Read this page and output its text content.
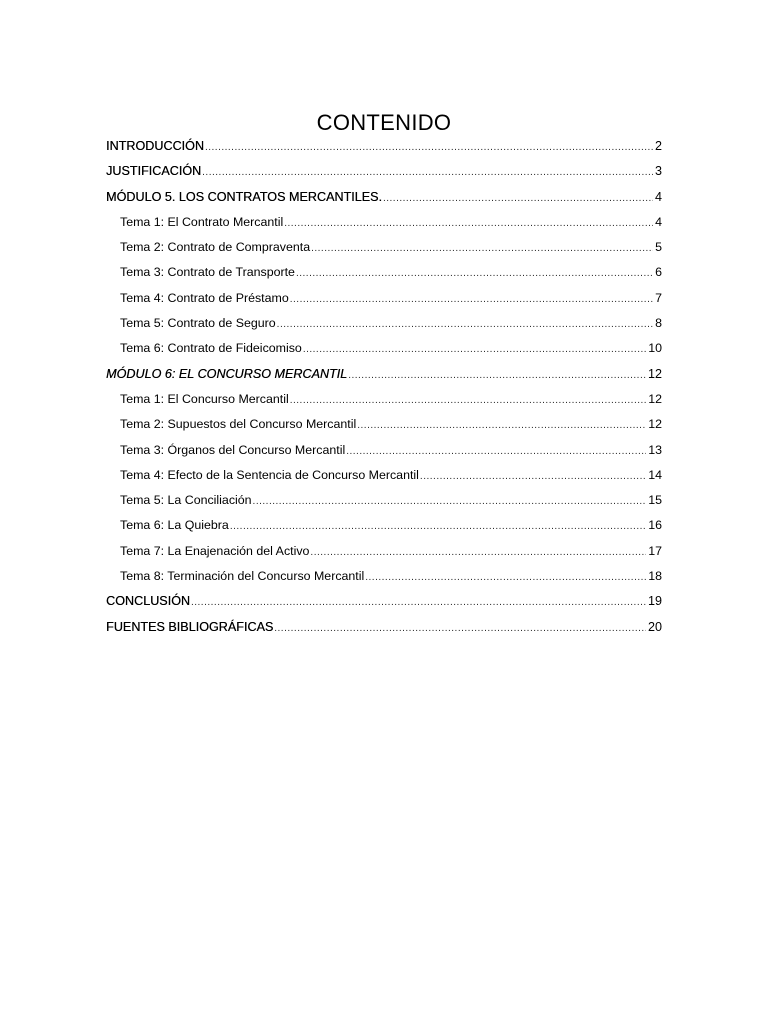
CONTENIDO
INTRODUCCIÓN .....	2
JUSTIFICACIÓN .....	3
MÓDULO 5. LOS CONTRATOS MERCANTILES. .....	4
Tema 1: El Contrato Mercantil .....	4
Tema 2: Contrato de Compraventa .....	5
Tema 3: Contrato de Transporte .....	6
Tema 4: Contrato de Préstamo .....	7
Tema 5: Contrato de Seguro .....	8
Tema 6: Contrato de Fideicomiso .....	10
MÓDULO 6: EL CONCURSO MERCANTIL .....	12
Tema 1: El Concurso Mercantil .....	12
Tema 2: Supuestos del Concurso Mercantil .....	12
Tema 3: Órganos del Concurso Mercantil .....	13
Tema 4: Efecto de la Sentencia de Concurso Mercantil .....	14
Tema 5: La Conciliación .....	15
Tema 6: La Quiebra .....	16
Tema 7: La Enajenación del Activo .....	17
Tema 8: Terminación del Concurso Mercantil .....	18
CONCLUSIÓN .....	19
FUENTES BIBLIOGRÁFICAS .....	20
